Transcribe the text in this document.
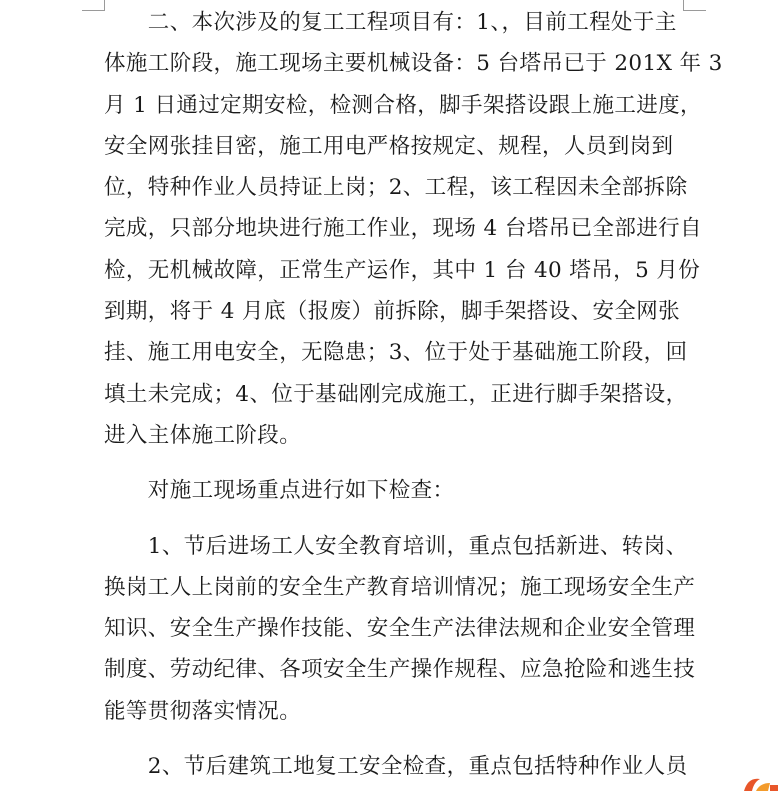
　　二、本次涉及的复工工程项目有：1、，目前工程处于主
体施工阶段，施工现场主要机械设备：5 台塔吊已于 201X 年 3
月 1 日通过定期安检，检测合格，脚手架搭设跟上施工进度，
安全网张挂目密，施工用电严格按规定、规程，人员到岗到
位，特种作业人员持证上岗；2、工程，该工程因未全部拆除
完成，只部分地块进行施工作业，现场 4 台塔吊已全部进行自
检，无机械故障，正常生产运作，其中 1 台 40 塔吊，5 月份
到期，将于 4 月底（报废）前拆除，脚手架搭设、安全网张
挂、施工用电安全，无隐患；3、位于处于基础施工阶段，回
填土未完成；4、位于基础刚完成施工，正进行脚手架搭设，
进入主体施工阶段。

　　对施工现场重点进行如下检查：

　　1、节后进场工人安全教育培训，重点包括新进、转岗、
换岗工人上岗前的安全生产教育培训情况；施工现场安全生产
知识、安全生产操作技能、安全生产法律法规和企业安全管理
制度、劳动纪律、各项安全生产操作规程、应急抢险和逃生技
能等贯彻落实情况。

　　2、节后建筑工地复工安全检查，重点包括特种作业人员
